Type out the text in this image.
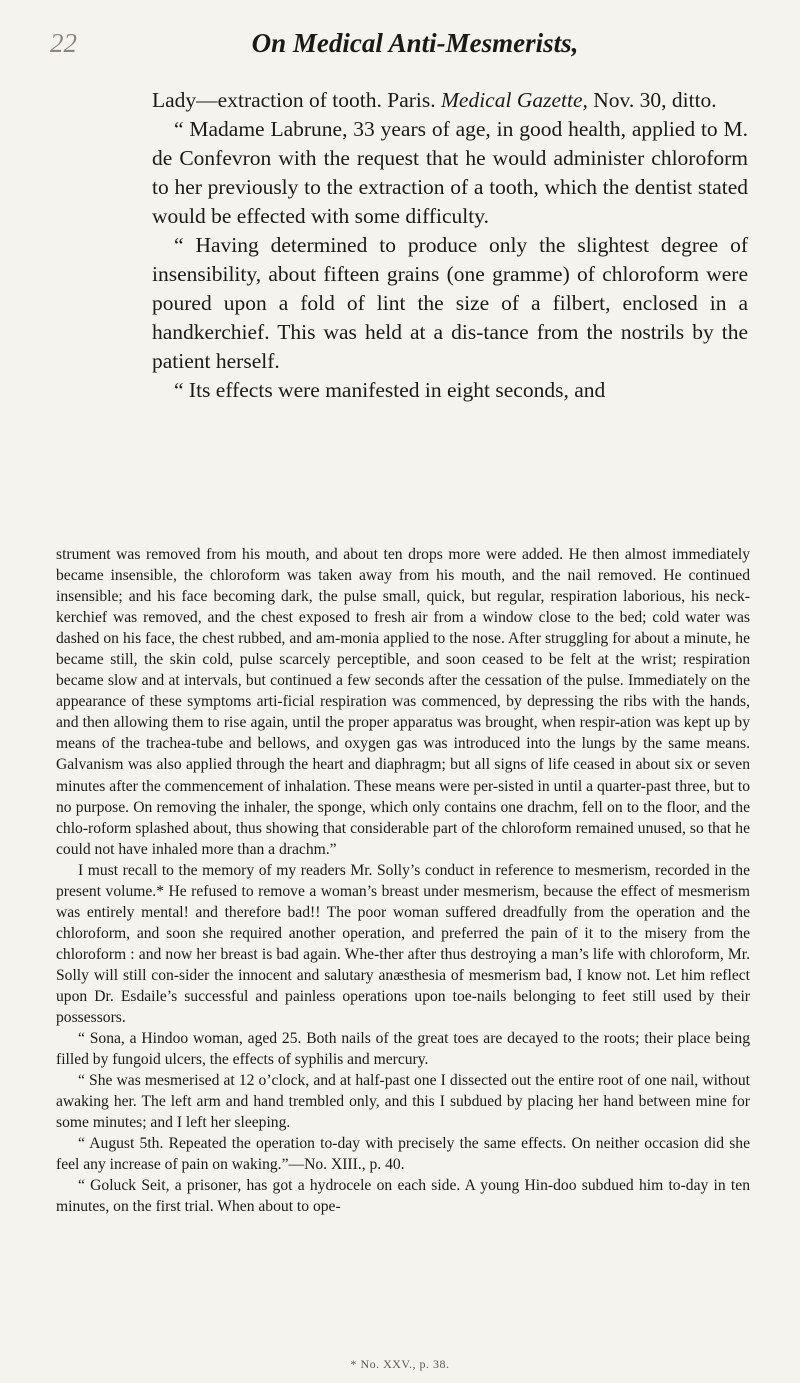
22	On Medical Anti-Mesmerists,

Lady—extraction of tooth. Paris. Medical Gazette, Nov. 30, ditto.

“ Madame Labrune, 33 years of age, in good health, applied to M. de Confevron with the request that he would administer chloroform to her previously to the extraction of a tooth, which the dentist stated would be effected with some difficulty.

“ Having determined to produce only the slightest degree of insensibility, about fifteen grains (one gramme) of chloroform were poured upon a fold of lint the size of a filbert, enclosed in a handkerchief. This was held at a dis-tance from the nostrils by the patient herself.

“ Its effects were manifested in eight seconds, and

strument was removed from his mouth, and about ten drops more were added. He then almost immediately became insensible, the chloroform was taken away from his mouth, and the nail removed. He continued insensible; and his face becoming dark, the pulse small, quick, but regular, respiration laborious, his neck-kerchief was removed, and the chest exposed to fresh air from a window close to the bed; cold water was dashed on his face, the chest rubbed, and am-monia applied to the nose. After struggling for about a minute, he became still, the skin cold, pulse scarcely perceptible, and soon ceased to be felt at the wrist; respiration became slow and at intervals, but continued a few seconds after the cessation of the pulse. Immediately on the appearance of these symptoms arti-ficial respiration was commenced, by depressing the ribs with the hands, and then allowing them to rise again, until the proper apparatus was brought, when respir-ation was kept up by means of the trachea-tube and bellows, and oxygen gas was introduced into the lungs by the same means. Galvanism was also applied through the heart and diaphragm; but all signs of life ceased in about six or seven minutes after the commencement of inhalation. These means were per-sisted in until a quarter-past three, but to no purpose. On removing the inhaler, the sponge, which only contains one drachm, fell on to the floor, and the chlo-roform splashed about, thus showing that considerable part of the chloroform remained unused, so that he could not have inhaled more than a drachm.”

I must recall to the memory of my readers Mr. Solly’s conduct in reference to mesmerism, recorded in the present volume.* He refused to remove a woman’s breast under mesmerism, because the effect of mesmerism was entirely mental! and therefore bad!! The poor woman suffered dreadfully from the operation and the chloroform, and soon she required another operation, and preferred the pain of it to the misery from the chloroform : and now her breast is bad again. Whe-ther after thus destroying a man’s life with chloroform, Mr. Solly will still con-sider the innocent and salutary anæsthesia of mesmerism bad, I know not. Let him reflect upon Dr. Esdaile’s successful and painless operations upon toe-nails belonging to feet still used by their possessors.

“ Sona, a Hindoo woman, aged 25. Both nails of the great toes are decayed to the roots; their place being filled by fungoid ulcers, the effects of syphilis and mercury.

“ She was mesmerised at 12 o’clock, and at half-past one I dissected out the entire root of one nail, without awaking her. The left arm and hand trembled only, and this I subdued by placing her hand between mine for some minutes; and I left her sleeping.

“ August 5th. Repeated the operation to-day with precisely the same effects. On neither occasion did she feel any increase of pain on waking.”—No. XIII., p. 40.

“ Goluck Seit, a prisoner, has got a hydrocele on each side. A young Hin-doo subdued him to-day in ten minutes, on the first trial. When about to ope-

* No. XXV., p. 38.
